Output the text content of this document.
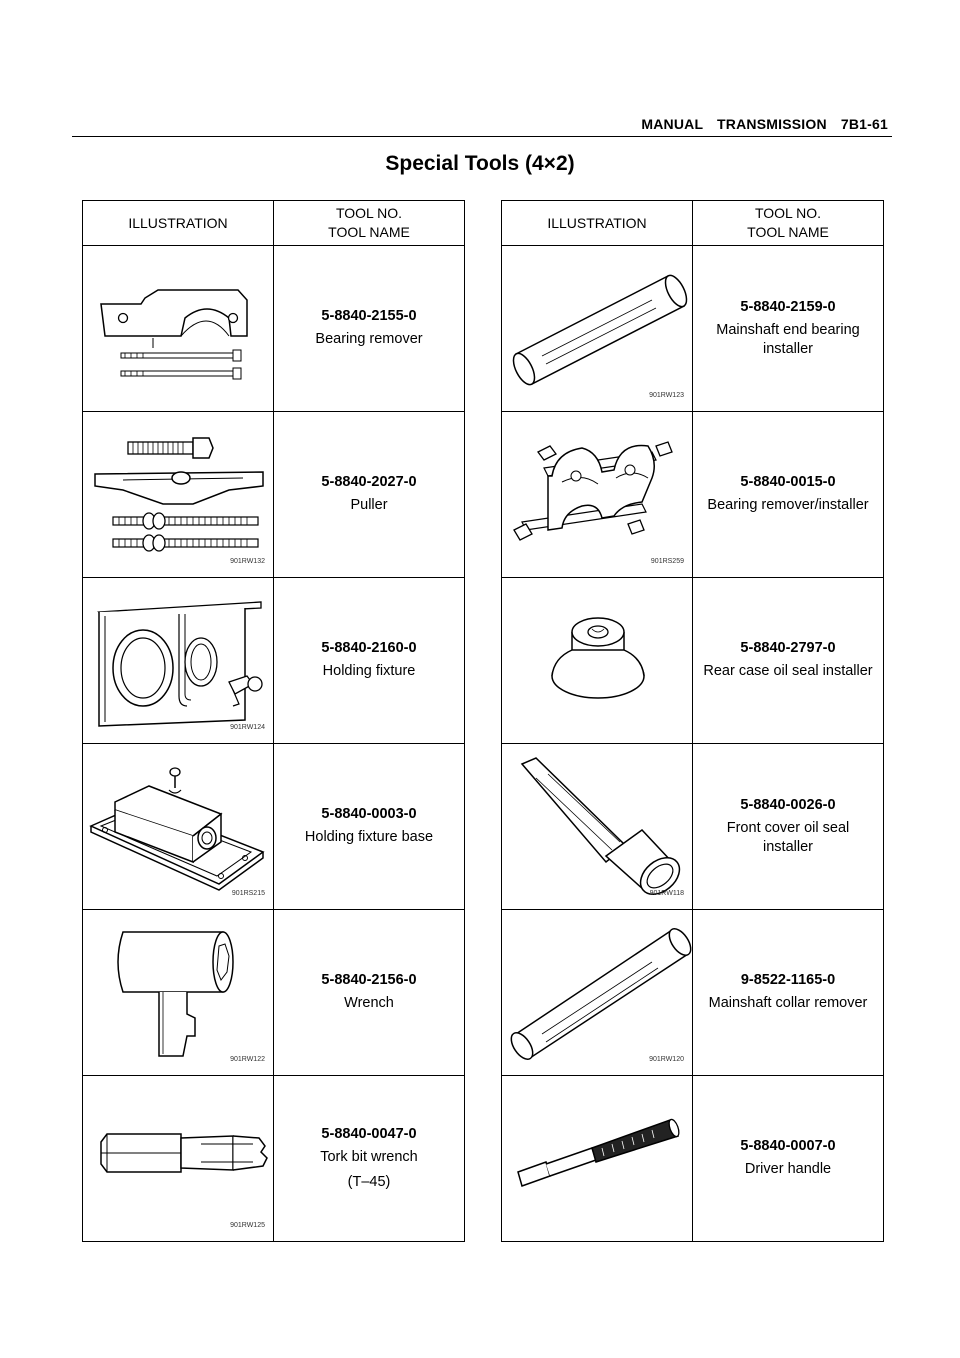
MANUAL TRANSMISSION 7B1-61
Special Tools (4×2)
ILLUSTRATION	TOOL NO.
TOOL NAME

5-8840-2155-0
Bearing remover

901RW132	5-8840-2027-0
Puller

901RW124	5-8840-2160-0
Holding fixture

901RS215	5-8840-0003-0
Holding fixture base

901RW122	5-8840-2156-0
Wrench

901RW125	5-8840-0047-0
Tork bit wrench
(T–45)
ILLUSTRATION	TOOL NO.
TOOL NAME

901RW123	5-8840-2159-0
Mainshaft end bearing installer

901RS259	5-8840-0015-0
Bearing remover/installer

5-8840-2797-0
Rear case oil seal installer

901RW118	5-8840-0026-0
Front cover oil seal installer

901RW120	9-8522-1165-0
Mainshaft collar remover

5-8840-0007-0
Driver handle
